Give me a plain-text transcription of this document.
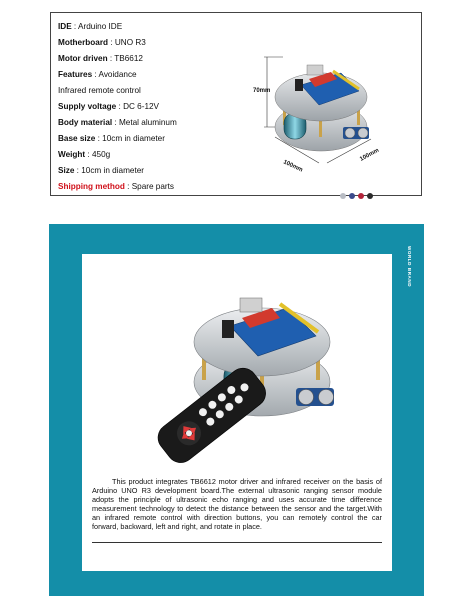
IDE : Arduino IDE
Motherboard : UNO R3
Motor driven : TB6612
Features : Avoidance
Infrared remote control
Supply voltage : DC 6-12V
Body material : Metal aluminum
Base size : 10cm in diameter
Weight : 450g
Size : 10cm in diameter
Shipping method : Spare parts
70mm
100mm
100mm
WORLD BRAND
This product integrates TB6612 motor driver and infrared receiver on the basis of Arduino UNO R3 development board.The external ultrasonic ranging sensor module adopts the principle of ultrasonic echo ranging and uses accurate time difference measurement technology to detect the distance between the sensor and the target.With an infrared remote control with direction buttons, you can remotely control the car forward, backward, left and right, and rotate in place.
